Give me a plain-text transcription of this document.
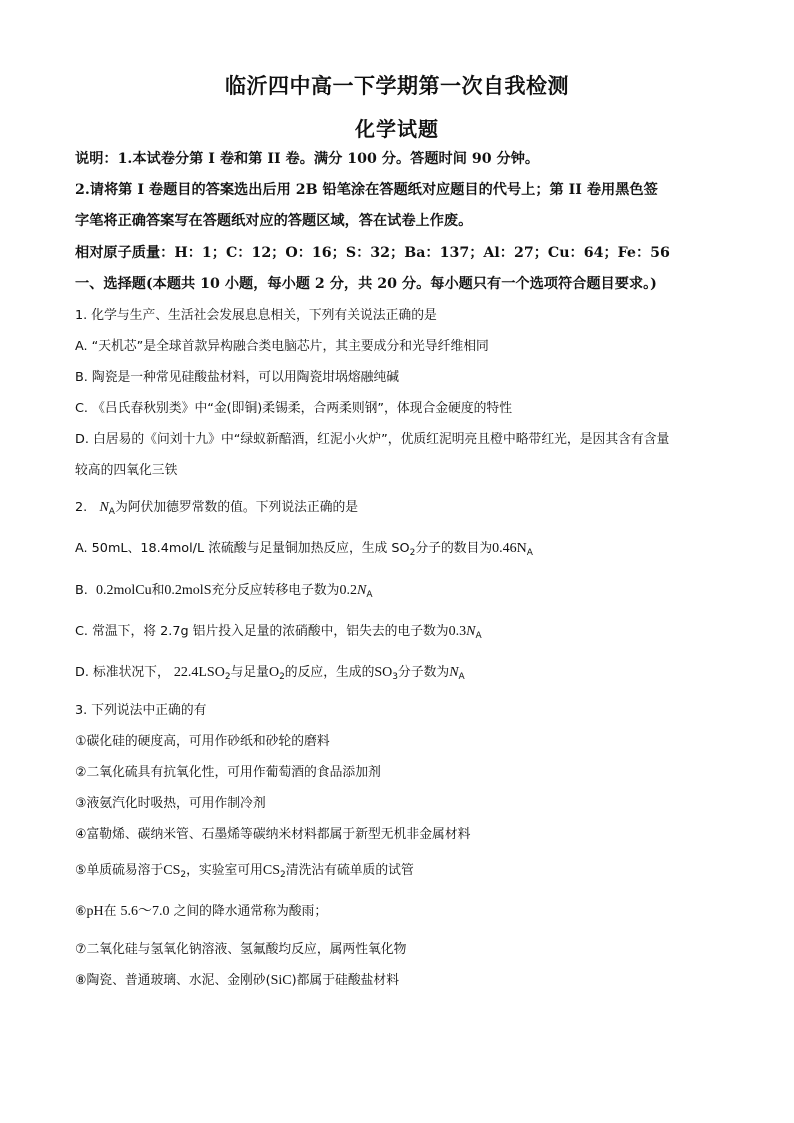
临沂四中高一下学期第一次自我检测
化学试题
说明：1.本试卷分第 I 卷和第 II 卷。满分 100 分。答题时间 90 分钟。
2.请将第 I 卷题目的答案选出后用 2B 铅笔涂在答题纸对应题目的代号上；第 II 卷用黑色签
字笔将正确答案写在答题纸对应的答题区域，答在试卷上作废。
相对原子质量：H：1；C：12；O：16；S：32；Ba：137；Al：27；Cu：64；Fe：56
一、选择题(本题共 10 小题，每小题 2 分，共 20 分。每小题只有一个选项符合题目要求。)
1. 化学与生产、生活社会发展息息相关，下列有关说法正确的是
A. “天机芯”是全球首款异构融合类电脑芯片，其主要成分和光导纤维相同
B. 陶瓷是一种常见硅酸盐材料，可以用陶瓷坩埚熔融纯碱
C. 《吕氏春秋别类》中“金(即铜)柔锡柔，合两柔则钢”，体现合金硬度的特性
D. 白居易的《问刘十九》中“绿蚁新醅酒，红泥小火炉”，优质红泥明亮且橙中略带红光，是因其含有含量
较高的四氧化三铁
2. $N_A$为阿伏加德罗常数的值。下列说法正确的是
A. 50mL、18.4mol/L 浓硫酸与足量铜加热反应，生成 $SO_2$分子的数目为$0.46N_A$
B. 0.2molCu和0.2molS充分反应转移电子数为$0.2N_A$
C. 常温下，将 2.7g 铝片投入足量的浓硝酸中，铝失去的电子数为$0.3N_A$
D. 标准状况下， $22.4LSO_2$与足量$O_2$的反应，生成的$SO_3$分子数为$N_A$
3. 下列说法中正确的有
①碳化硅的硬度高，可用作砂纸和砂轮的磨料
②二氧化硫具有抗氧化性，可用作葡萄酒的食品添加剂
③液氨汽化时吸热，可用作制冷剂
④富勒烯、碳纳米管、石墨烯等碳纳米材料都属于新型无机非金属材料
⑤单质硫易溶于$CS_2$，实验室可用$CS_2$清洗沾有硫单质的试管
⑥pH在 5.6～7.0 之间的降水通常称为酸雨；
⑦二氧化硅与氢氧化钠溶液、氢氟酸均反应，属两性氧化物
⑧陶瓷、普通玻璃、水泥、金刚砂(SiC)都属于硅酸盐材料
